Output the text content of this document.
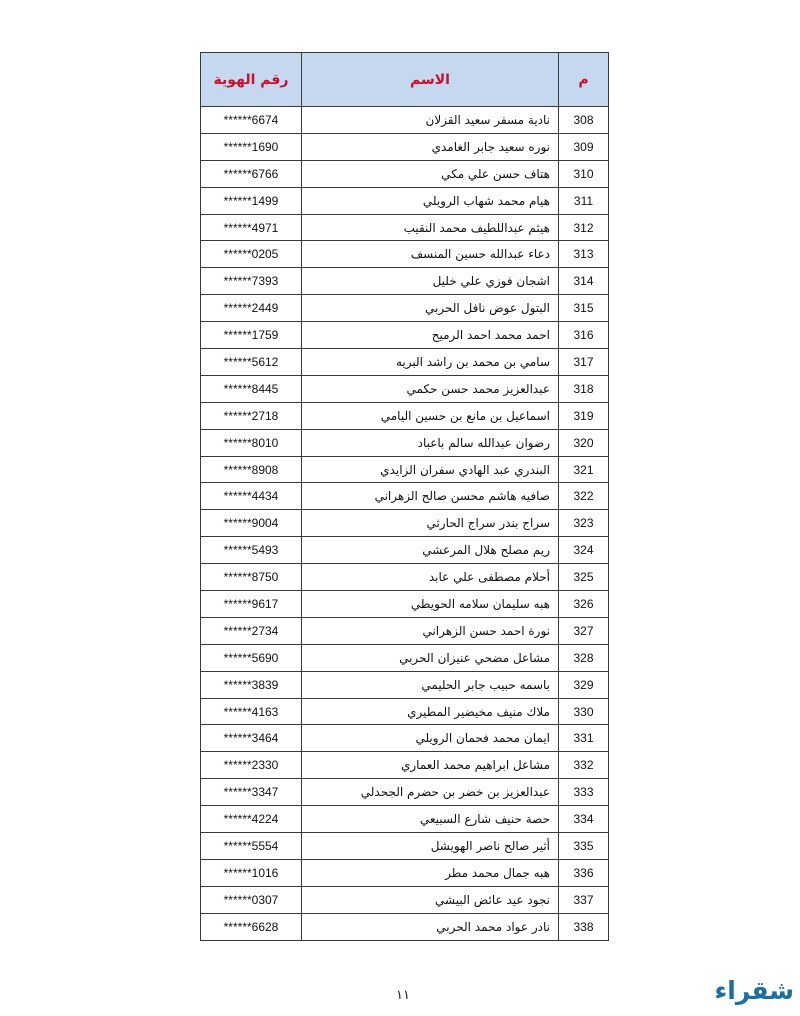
م	الاسم	رقم الهوية
308	نادية مسفر سعيد القزلان	******6674
309	نوره سعيد جابر الغامدي	******1690
310	هتاف حسن علي مكي	******6766
311	هيام محمد شهاب الرويلي	******1499
312	هيثم عبداللطيف محمد النقيب	******4971
313	دعاء عبدالله حسين المنسف	******0205
314	اشجان فوزي علي خليل	******7393
315	البتول عوض نافل الحربي	******2449
316	احمد محمد احمد الرميح	******1759
317	سامي بن محمد بن راشد البريه	******5612
318	عبدالعزيز محمد حسن حكمي	******8445
319	اسماعيل بن مانع بن حسين اليامي	******2718
320	رضوان عبدالله سالم باعباد	******8010
321	البندري عبد الهادي سفران الزايدي	******8908
322	صافيه هاشم محسن صالح الزهراني	******4434
323	سراج بندر سراج الحارثي	******9004
324	ريم مصلح هلال المرعشي	******5493
325	أحلام مصطفى علي عابد	******8750
326	هبه سليمان سلامه الحويطي	******9617
327	نورة احمد حسن الزهراني	******2734
328	مشاعل مضحي عنيزان الحربي	******5690
329	باسمه حبيب جابر الحليمي	******3839
330	ملاك منيف مخيضير المطيري	******4163
331	ايمان محمد فحمان الرويلي	******3464
332	مشاعل ابراهيم محمد العماري	******2330
333	عبدالعزيز بن خضر بن حضرم الجحدلي	******3347
334	حصة حنيف شارع السبيعي	******4224
335	أثير صالح ناصر الهويشل	******5554
336	هبه جمال محمد مطر	******1016
337	نجود عيد عائض البيشي	******0307
338	نادر عواد محمد الحربي	******6628
١١	شقراء
